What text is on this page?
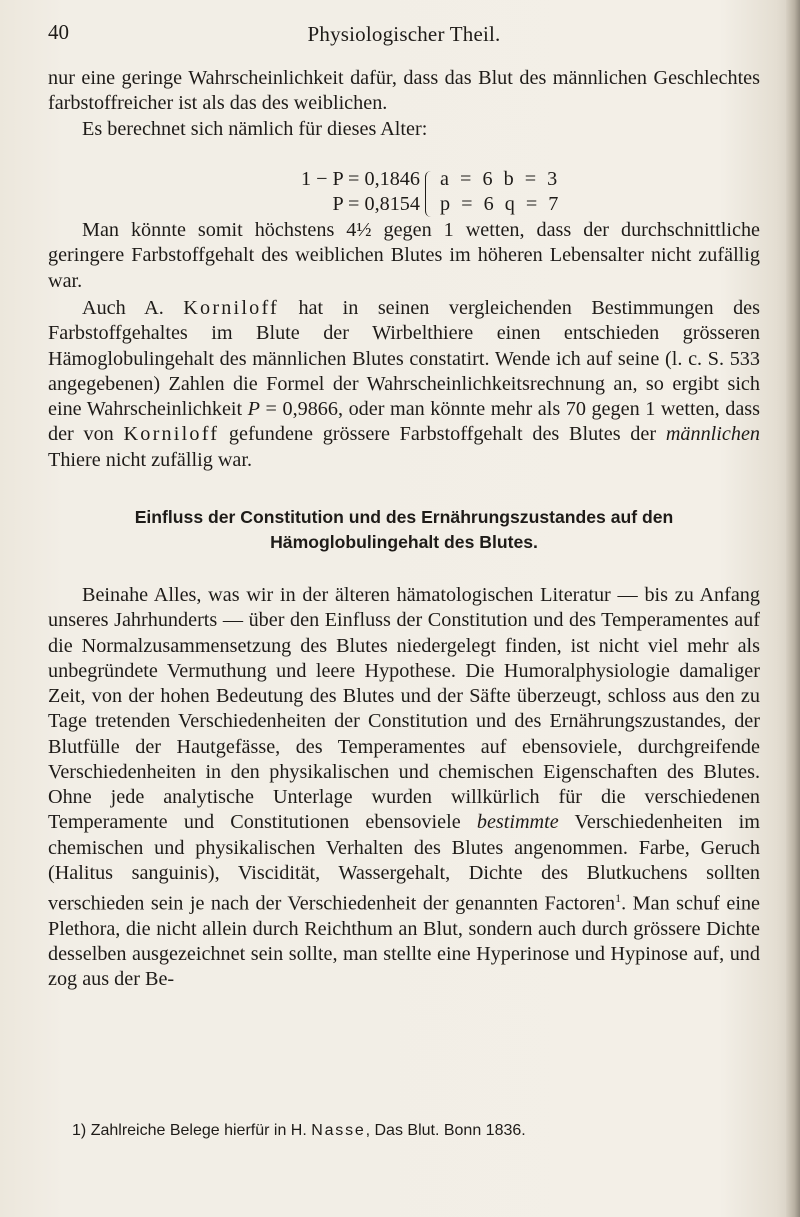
40	Physiologischer Theil.

nur eine geringe Wahrscheinlichkeit dafür, dass das Blut des männlichen Geschlechtes farbstoffreicher ist als das des weiblichen.

Es berechnet sich nämlich für dieses Alter:

1 − P = 0,1846 a = 6 b = 3
P = 0,8154 p = 6 q = 7

Man könnte somit höchstens 4½ gegen 1 wetten, dass der durchschnittliche geringere Farbstoffgehalt des weiblichen Blutes im höheren Lebensalter nicht zufällig war.

Auch A. Korniloff hat in seinen vergleichenden Bestimmungen des Farbstoffgehaltes im Blute der Wirbelthiere einen entschieden grösseren Hämoglobulingehalt des männlichen Blutes constatirt. Wende ich auf seine (l. c. S. 533 angegebenen) Zahlen die Formel der Wahrscheinlichkeitsrechnung an, so ergibt sich eine Wahrscheinlichkeit P = 0,9866, oder man könnte mehr als 70 gegen 1 wetten, dass der von Korniloff gefundene grössere Farbstoffgehalt des Blutes der männlichen Thiere nicht zufällig war.

Einfluss der Constitution und des Ernährungszustandes auf den

Hämoglobulingehalt des Blutes.

Beinahe Alles, was wir in der älteren hämatologischen Literatur — bis zu Anfang unseres Jahrhunderts — über den Einfluss der Constitution und des Temperamentes auf die Normalzusammensetzung des Blutes niedergelegt finden, ist nicht viel mehr als unbegründete Vermuthung und leere Hypothese. Die Humoralphysiologie damaliger Zeit, von der hohen Bedeutung des Blutes und der Säfte überzeugt, schloss aus den zu Tage tretenden Verschiedenheiten der Constitution und des Ernährungszustandes, der Blutfülle der Hautgefässe, des Temperamentes auf ebensoviele, durchgreifende Verschiedenheiten in den physikalischen und chemischen Eigenschaften des Blutes. Ohne jede analytische Unterlage wurden willkürlich für die verschiedenen Temperamente und Constitutionen ebensoviele bestimmte Verschiedenheiten im chemischen und physikalischen Verhalten des Blutes angenommen. Farbe, Geruch (Halitus sanguinis), Viscidität, Wassergehalt, Dichte des Blutkuchens sollten verschieden sein je nach der Verschiedenheit der genannten Factoren$^1$. Man schuf eine Plethora, die nicht allein durch Reichthum an Blut, sondern auch durch grössere Dichte desselben ausgezeichnet sein sollte, man stellte eine Hyperinose und Hypinose auf, und zog aus der Be-

1) Zahlreiche Belege hierfür in H. Nasse, Das Blut. Bonn 1836.
